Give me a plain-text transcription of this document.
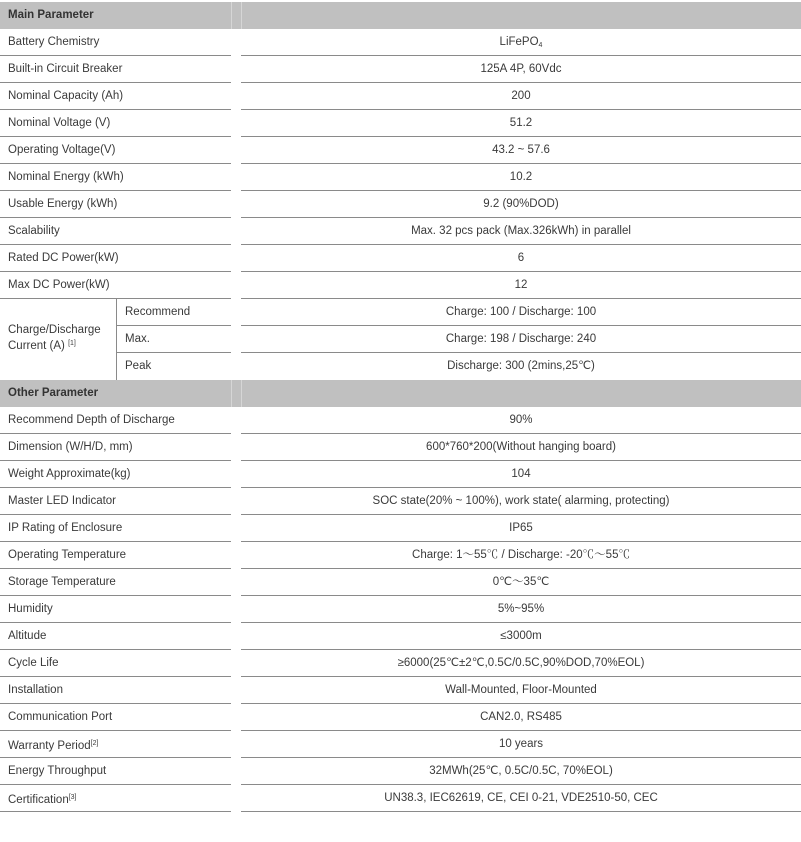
Main Parameter
Battery Chemistry	LiFePO$_4$
Built-in Circuit Breaker	125A 4P, 60Vdc
Nominal Capacity (Ah)	200
Nominal Voltage (V)	51.2
Operating Voltage(V)	43.2 ~ 57.6
Nominal Energy (kWh)	10.2
Usable Energy (kWh)	9.2 (90%DOD)
Scalability	Max. 32 pcs pack (Max.326kWh) in parallel
Rated DC Power(kW)	6
Max DC Power(kW)	12
Charge/Discharge
Current (A) [1]
Recommend	Charge: 100 / Discharge: 100
Max.	Charge: 198 / Discharge: 240
Peak	Discharge: 300 (2mins,25℃)
Other Parameter
Recommend Depth of Discharge	90%
Dimension (W/H/D, mm)	600*760*200(Without hanging board)
Weight Approximate(kg)	104
Master LED Indicator	SOC state(20% ~ 100%), work state( alarming, protecting)
IP Rating of Enclosure	IP65
Operating Temperature	Charge: 1～55℃ / Discharge: -20℃～55℃
Storage Temperature	0℃～35℃
Humidity	5%~95%
Altitude	≤3000m
Cycle Life	≥6000(25℃±2℃,0.5C/0.5C,90%DOD,70%EOL)
Installation	Wall-Mounted, Floor-Mounted
Communication Port	CAN2.0, RS485
Warranty Period[2]	10 years
Energy Throughput	32MWh(25℃, 0.5C/0.5C, 70%EOL)
Certification[3]	UN38.3, IEC62619, CE, CEI 0-21, VDE2510-50, CEC
